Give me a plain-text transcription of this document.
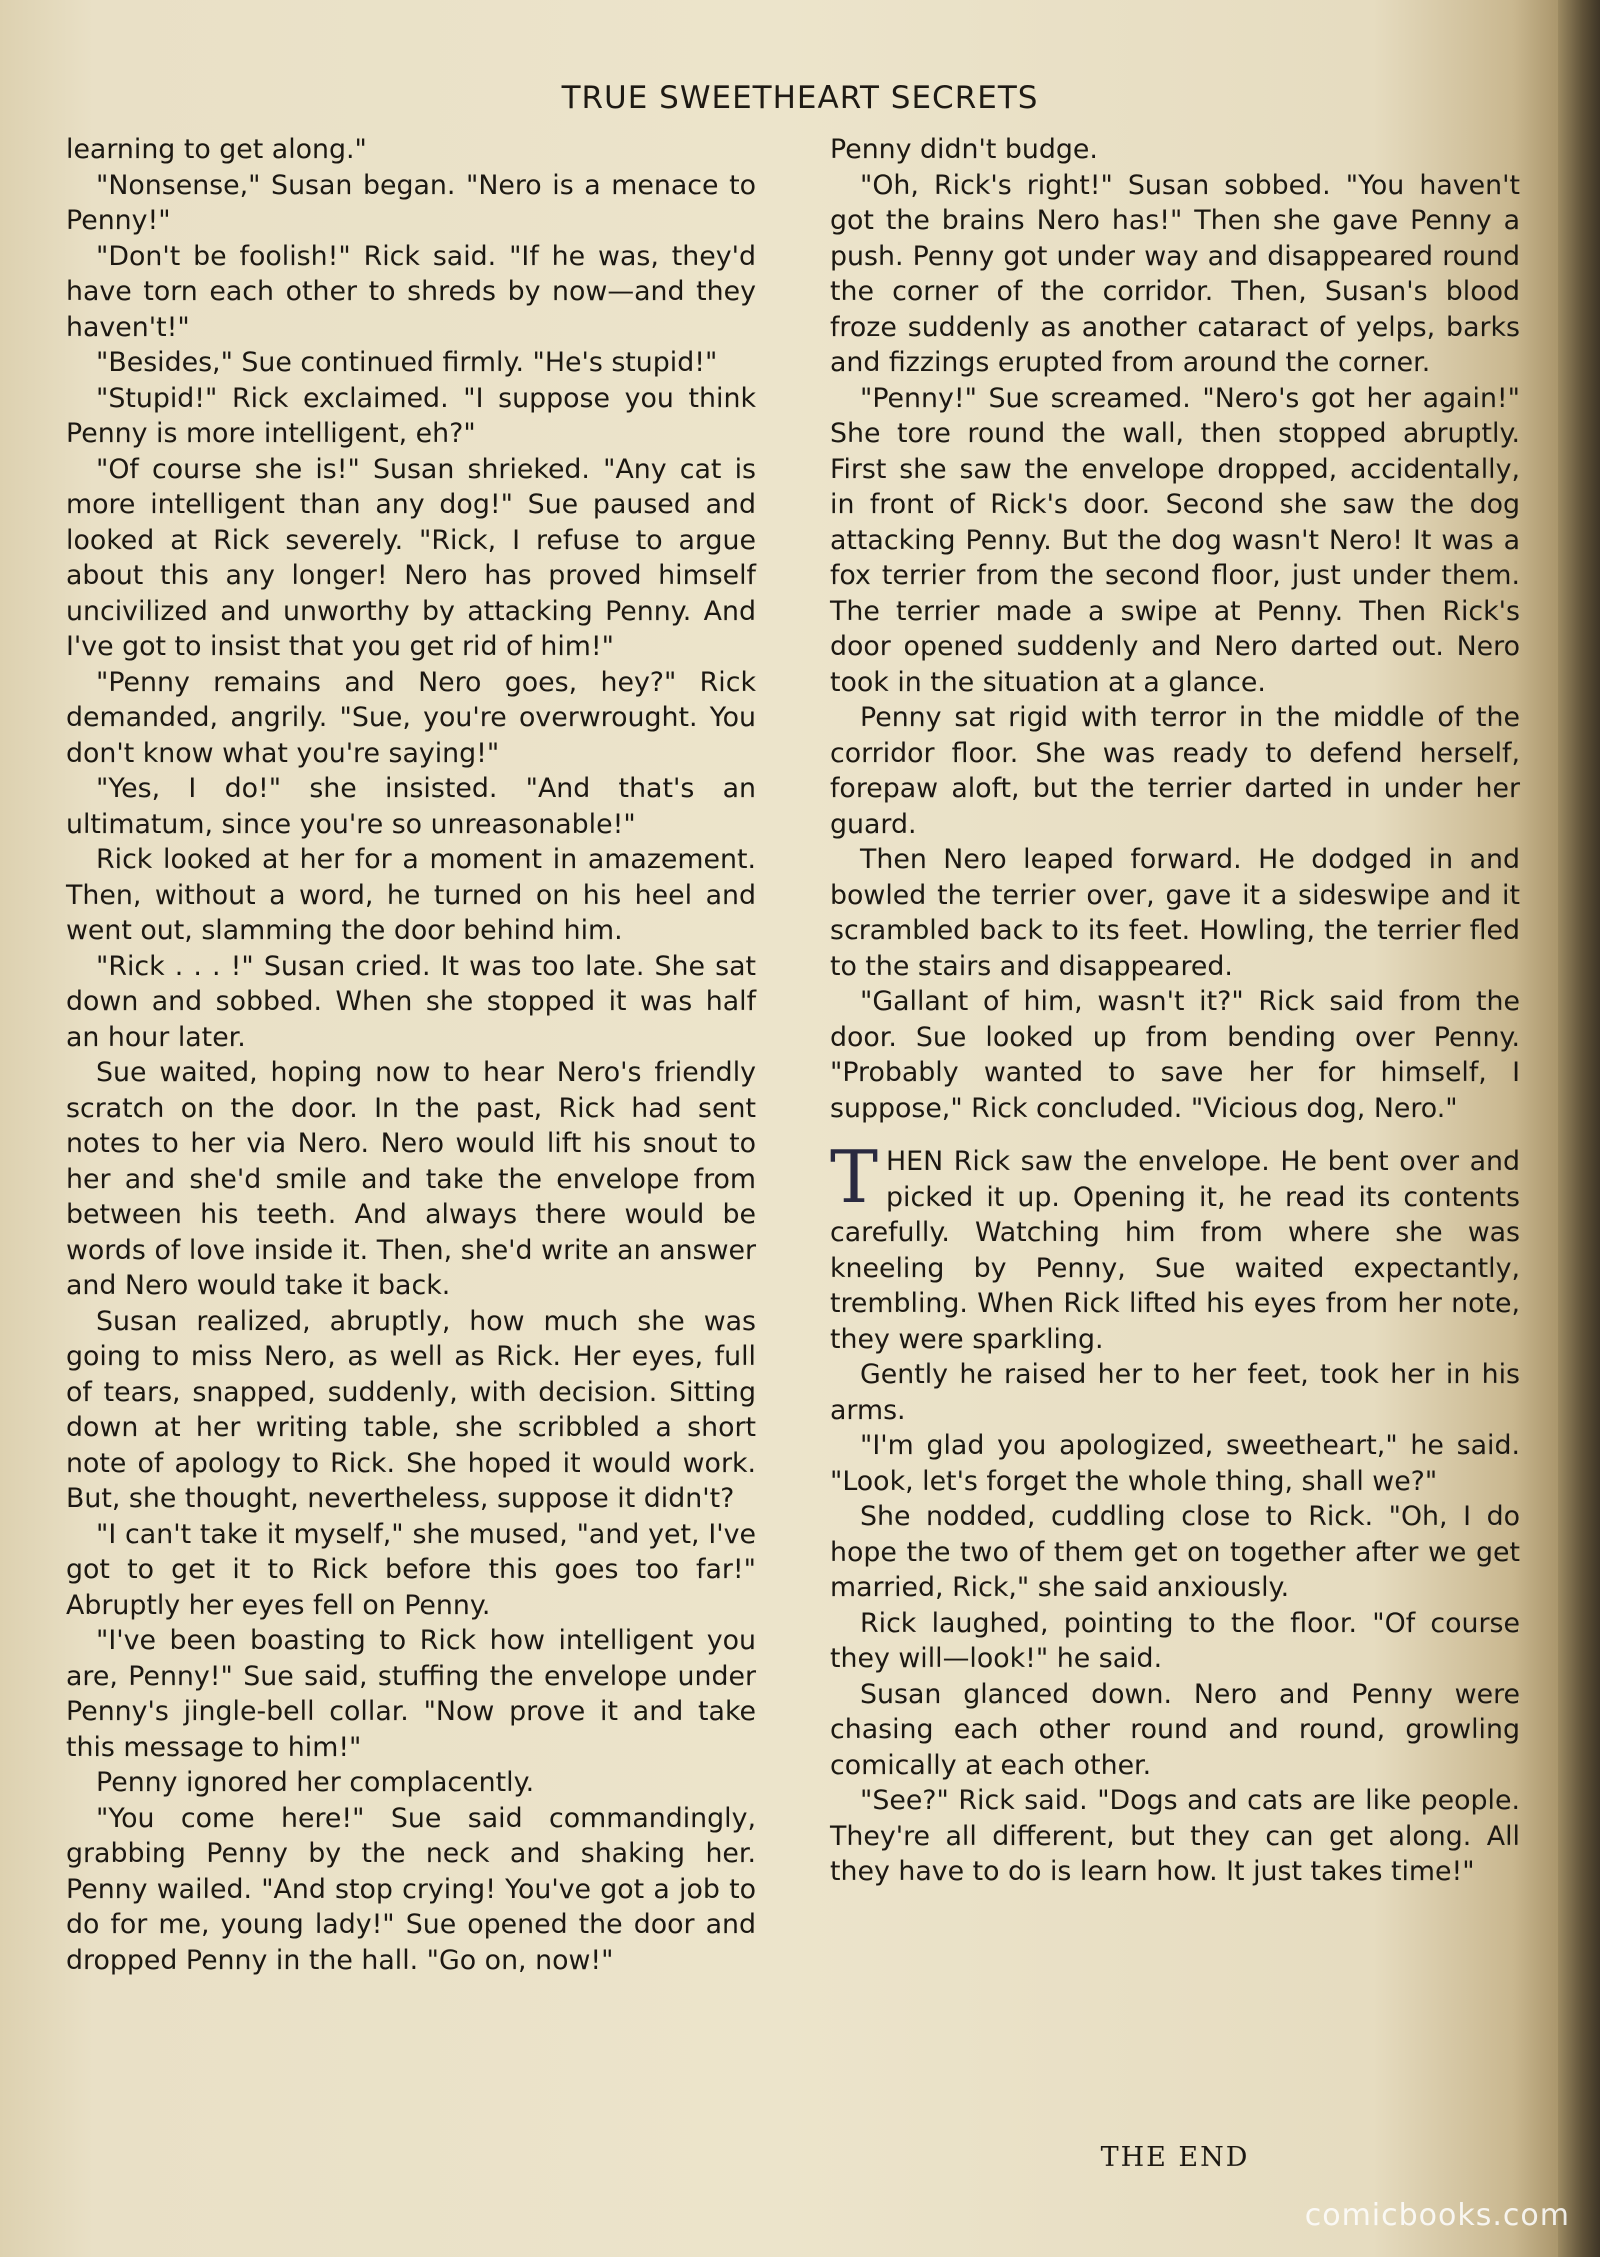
TRUE SWEETHEART SECRETS

learning to get along."

"Nonsense," Susan began. "Nero is a menace to Penny!"

"Don't be foolish!" Rick said. "If he was, they'd have torn each other to shreds by now—and they haven't!"

"Besides," Sue continued firmly. "He's stupid!"

"Stupid!" Rick exclaimed. "I suppose you think Penny is more intelligent, eh?"

"Of course she is!" Susan shrieked. "Any cat is more intelligent than any dog!" Sue paused and looked at Rick severely. "Rick, I refuse to argue about this any longer! Nero has proved himself uncivilized and unworthy by attacking Penny. And I've got to insist that you get rid of him!"

"Penny remains and Nero goes, hey?" Rick demanded, angrily. "Sue, you're overwrought. You don't know what you're saying!"

"Yes, I do!" she insisted. "And that's an ultimatum, since you're so unreasonable!"

Rick looked at her for a moment in amazement. Then, without a word, he turned on his heel and went out, slamming the door behind him.

"Rick . . . !" Susan cried. It was too late. She sat down and sobbed. When she stopped it was half an hour later.

Sue waited, hoping now to hear Nero's friendly scratch on the door. In the past, Rick had sent notes to her via Nero. Nero would lift his snout to her and she'd smile and take the envelope from between his teeth. And always there would be words of love inside it. Then, she'd write an answer and Nero would take it back.

Susan realized, abruptly, how much she was going to miss Nero, as well as Rick. Her eyes, full of tears, snapped, suddenly, with decision. Sitting down at her writing table, she scribbled a short note of apology to Rick. She hoped it would work. But, she thought, nevertheless, suppose it didn't?

"I can't take it myself," she mused, "and yet, I've got to get it to Rick before this goes too far!" Abruptly her eyes fell on Penny.

"I've been boasting to Rick how intelligent you are, Penny!" Sue said, stuffing the envelope under Penny's jingle-bell collar. "Now prove it and take this message to him!"

Penny ignored her complacently.

"You come here!" Sue said commandingly, grabbing Penny by the neck and shaking her. Penny wailed. "And stop crying! You've got a job to do for me, young lady!" Sue opened the door and dropped Penny in the hall. "Go on, now!"

Penny didn't budge.

"Oh, Rick's right!" Susan sobbed. "You haven't got the brains Nero has!" Then she gave Penny a push. Penny got under way and disappeared round the corner of the corridor. Then, Susan's blood froze suddenly as another cataract of yelps, barks and fizzings erupted from around the corner.

"Penny!" Sue screamed. "Nero's got her again!" She tore round the wall, then stopped abruptly. First she saw the envelope dropped, accidentally, in front of Rick's door. Second she saw the dog attacking Penny. But the dog wasn't Nero! It was a fox terrier from the second floor, just under them. The terrier made a swipe at Penny. Then Rick's door opened suddenly and Nero darted out. Nero took in the situation at a glance.

Penny sat rigid with terror in the middle of the corridor floor. She was ready to defend herself, forepaw aloft, but the terrier darted in under her guard.

Then Nero leaped forward. He dodged in and bowled the terrier over, gave it a sideswipe and it scrambled back to its feet. Howling, the terrier fled to the stairs and disappeared.

"Gallant of him, wasn't it?" Rick said from the door. Sue looked up from bending over Penny. "Probably wanted to save her for himself, I suppose," Rick concluded. "Vicious dog, Nero."

THEN Rick saw the envelope. He bent over and picked it up. Opening it, he read its contents carefully. Watching him from where she was kneeling by Penny, Sue waited expectantly, trembling. When Rick lifted his eyes from her note, they were sparkling.

Gently he raised her to her feet, took her in his arms.

"I'm glad you apologized, sweetheart," he said. "Look, let's forget the whole thing, shall we?"

She nodded, cuddling close to Rick. "Oh, I do hope the two of them get on together after we get married, Rick," she said anxiously.

Rick laughed, pointing to the floor. "Of course they will—look!" he said.

Susan glanced down. Nero and Penny were chasing each other round and round, growling comically at each other.

"See?" Rick said. "Dogs and cats are like people. They're all different, but they can get along. All they have to do is learn how. It just takes time!"

THE END
comicbooks.com
